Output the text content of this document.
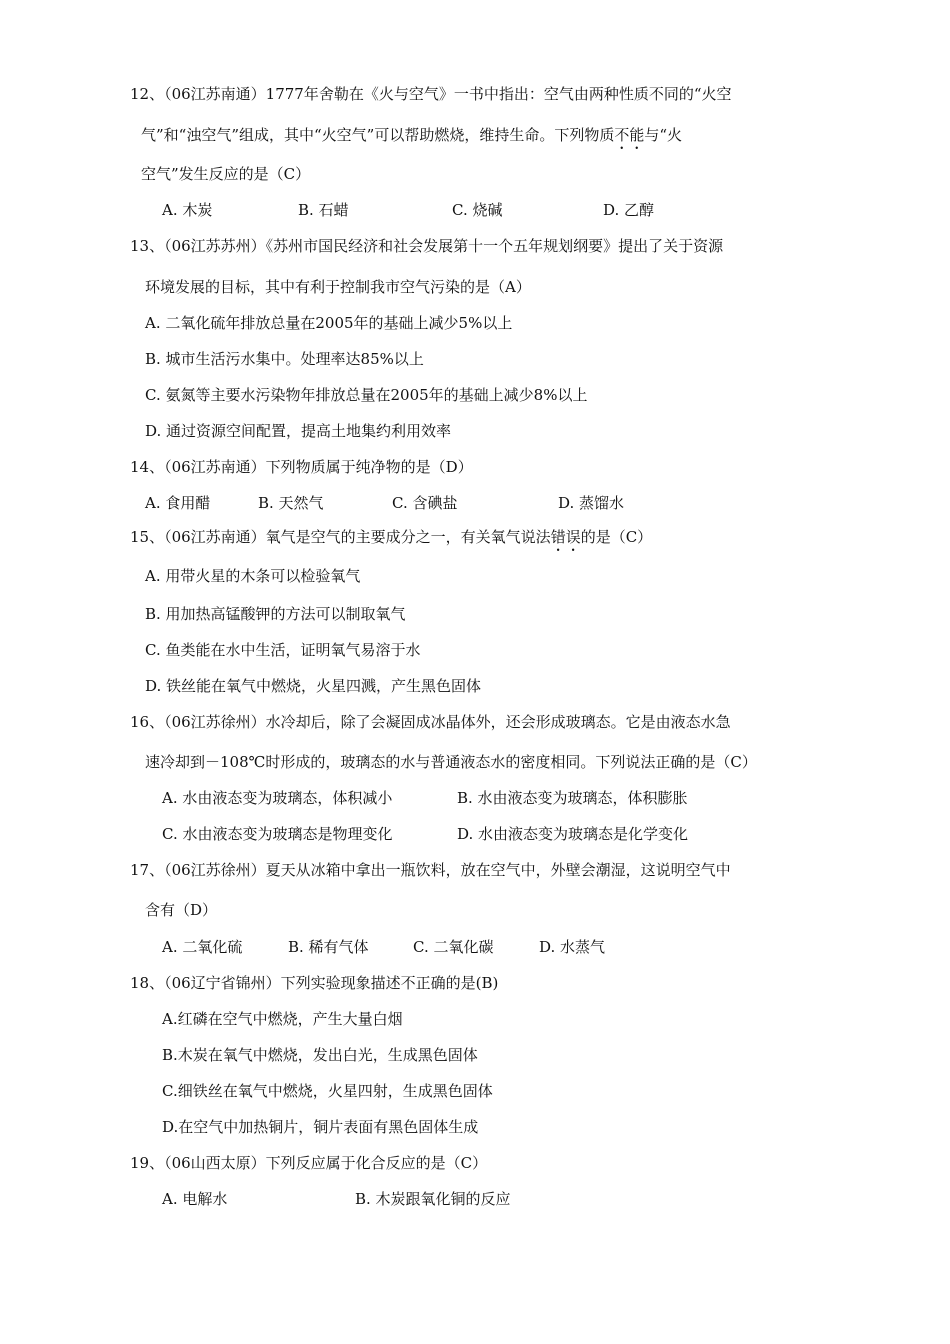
12、（06江苏南通）1777年舍勒在《火与空气》一书中指出：空气由两种性质不同的“火空
气”和“浊空气”组成，其中“火空气”可以帮助燃烧，维持生命。下列物质不能与“火
空气”发生反应的是（C）
A. 木炭	B. 石蜡	C. 烧碱	D. 乙醇
13、（06江苏苏州）《苏州市国民经济和社会发展第十一个五年规划纲要》提出了关于资源
环境发展的目标，其中有利于控制我市空气污染的是（A）
A. 二氧化硫年排放总量在2005年的基础上减少5%以上
B. 城市生活污水集中。处理率达85%以上
C. 氨氮等主要水污染物年排放总量在2005年的基础上减少8%以上
D. 通过资源空间配置，提高土地集约利用效率
14、（06江苏南通）下列物质属于纯净物的是（D）
A. 食用醋	B. 天然气	C. 含碘盐	D. 蒸馏水
15、（06江苏南通）氧气是空气的主要成分之一，有关氧气说法错误的是（C）
A. 用带火星的木条可以检验氧气
B. 用加热高锰酸钾的方法可以制取氧气
C. 鱼类能在水中生活，证明氧气易溶于水
D. 铁丝能在氧气中燃烧，火星四溅，产生黑色固体
16、（06江苏徐州）水冷却后，除了会凝固成冰晶体外，还会形成玻璃态。它是由液态水急
速冷却到－108℃时形成的，玻璃态的水与普通液态水的密度相同。下列说法正确的是（C）
A. 水由液态变为玻璃态，体积减小	B. 水由液态变为玻璃态，体积膨胀
C. 水由液态变为玻璃态是物理变化	D. 水由液态变为玻璃态是化学变化
17、（06江苏徐州）夏天从冰箱中拿出一瓶饮料，放在空气中，外壁会潮湿，这说明空气中
含有（D）
A. 二氧化硫	B. 稀有气体	C. 二氧化碳	D. 水蒸气
18、（06辽宁省锦州）下列实验现象描述不正确的是(B)
A.红磷在空气中燃烧，产生大量白烟
B.木炭在氧气中燃烧，发出白光，生成黑色固体
C.细铁丝在氧气中燃烧，火星四射，生成黑色固体
D.在空气中加热铜片，铜片表面有黑色固体生成
19、（06山西太原）下列反应属于化合反应的是（C）
A. 电解水	B. 木炭跟氧化铜的反应
